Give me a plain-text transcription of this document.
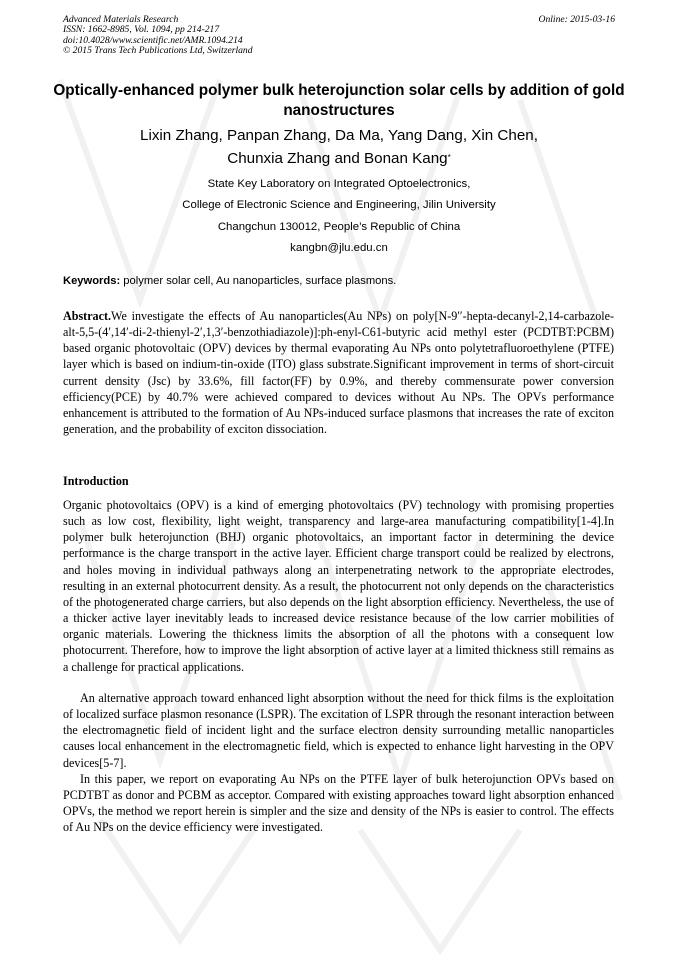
Advanced Materials Research
ISSN: 1662-8985, Vol. 1094, pp 214-217
doi:10.4028/www.scientific.net/AMR.1094.214
© 2015 Trans Tech Publications Ltd, Switzerland
Online: 2015-03-16
Optically-enhanced polymer bulk heterojunction solar cells by addition of gold nanostructures
Lixin Zhang, Panpan Zhang, Da Ma, Yang Dang, Xin Chen,
Chunxia Zhang and Bonan Kang*
State Key Laboratory on Integrated Optoelectronics,
College of Electronic Science and Engineering, Jilin University
Changchun 130012, People’s Republic of China
kangbn@jlu.edu.cn
Keywords: polymer solar cell, Au nanoparticles, surface plasmons.
Abstract.We investigate the effects of Au nanoparticles(Au NPs) on poly[N-9′′-hepta-decanyl-2,14-carbazole-alt-5,5-(4′,14′-di-2-thienyl-2′,1,3′-benzothiadiazole)]:ph-enyl-C61-butyric acid methyl ester (PCDTBT:PCBM) based organic photovoltaic (OPV) devices by thermal evaporating Au NPs onto polytetrafluoroethylene (PTFE) layer which is based on indium-tin-oxide (ITO) glass substrate.Significant improvement in terms of short-circuit current density (Jsc) by 33.6%, fill factor(FF) by 0.9%, and thereby commensurate power conversion efficiency(PCE) by 40.7% were achieved compared to devices without Au NPs. The OPVs performance enhancement is attributed to the formation of Au NPs-induced surface plasmons that increases the rate of exciton generation, and the probability of exciton dissociation.
Introduction
Organic photovoltaics (OPV) is a kind of emerging photovoltaics (PV) technology with promising properties such as low cost, flexibility, light weight, transparency and large-area manufacturing compatibility[1-4].In polymer bulk heterojunction (BHJ) organic photovoltaics, an important factor in determining the device performance is the charge transport in the active layer. Efficient charge transport could be realized by electrons, and holes moving in individual pathways along an interpenetrating network to the appropriate electrodes, resulting in an external photocurrent density. As a result, the photocurrent not only depends on the characteristics of the photogenerated charge carriers, but also depends on the light absorption efficiency. Nevertheless, the use of a thicker active layer inevitably leads to increased device resistance because of the low carrier mobilities of organic materials. Lowering the thickness limits the absorption of all the photons with a consequent low photocurrent. Therefore, how to improve the light absorption of active layer at a limited thickness still remains as a challenge for practical applications.
An alternative approach toward enhanced light absorption without the need for thick films is the exploitation of localized surface plasmon resonance (LSPR). The excitation of LSPR through the resonant interaction between the electromagnetic field of incident light and the surface electron density surrounding metallic nanoparticles causes local enhancement in the electromagnetic field, which is expected to enhance light harvesting in the OPV devices[5-7].
In this paper, we report on evaporating Au NPs on the PTFE layer of bulk heterojunction OPVs based on PCDTBT as donor and PCBM as acceptor. Compared with existing approaches toward light absorption enhanced OPVs, the method we report herein is simpler and the size and density of the NPs is easier to control. The effects of Au NPs on the device efficiency were investigated.
